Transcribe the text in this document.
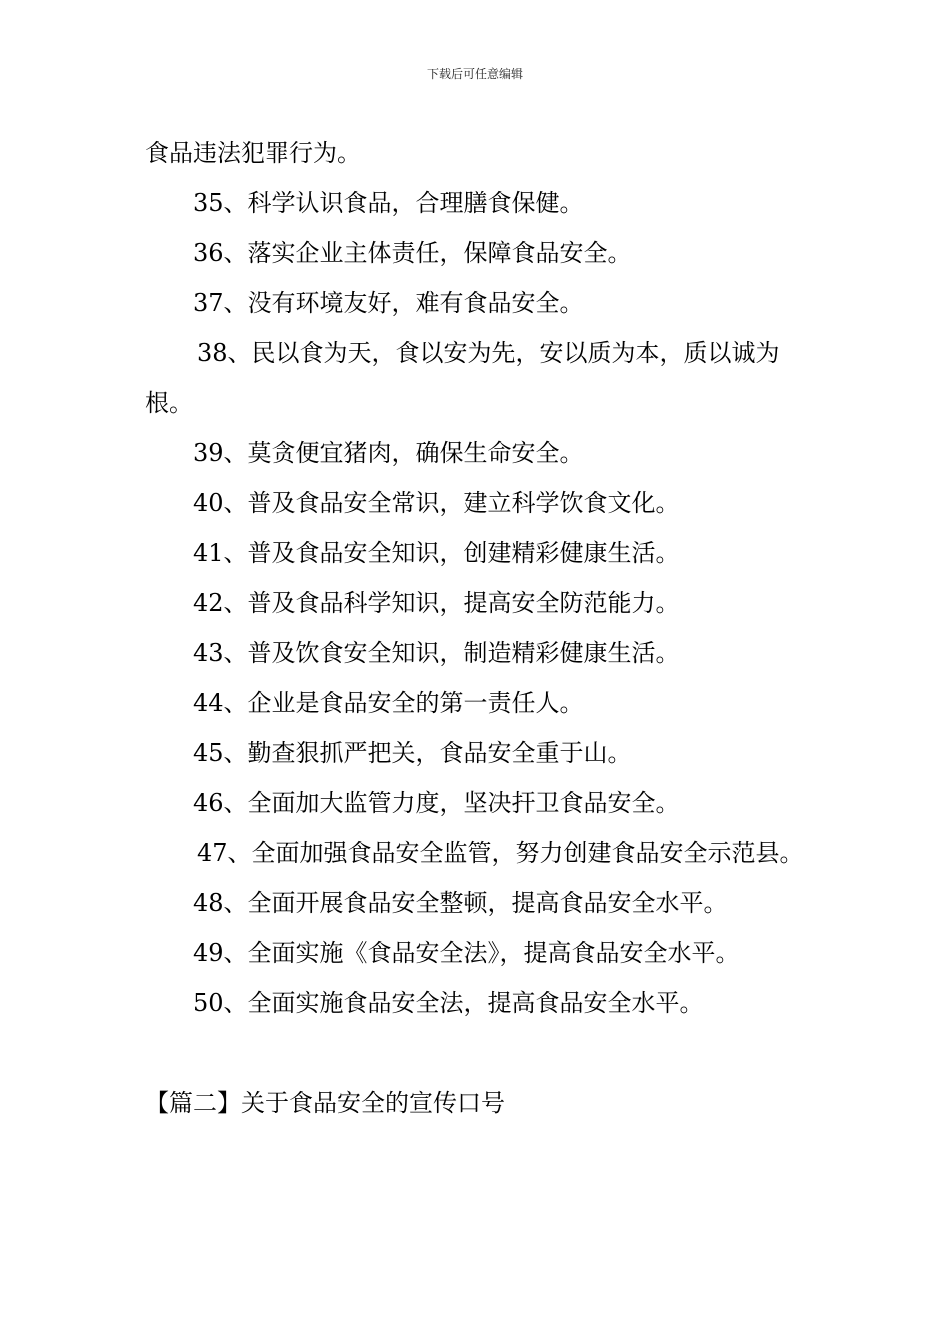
下载后可任意编辑

食品违法犯罪行为。

35、科学认识食品，合理膳食保健。

36、落实企业主体责任，保障食品安全。

37、没有环境友好，难有食品安全。

38、民以食为天，食以安为先，安以质为本，质以诚为根。

39、莫贪便宜猪肉，确保生命安全。

40、普及食品安全常识，建立科学饮食文化。

41、普及食品安全知识，创建精彩健康生活。

42、普及食品科学知识，提高安全防范能力。

43、普及饮食安全知识，制造精彩健康生活。

44、企业是食品安全的第一责任人。

45、勤查狠抓严把关，食品安全重于山。

46、全面加大监管力度，坚决扞卫食品安全。

47、全面加强食品安全监管，努力创建食品安全示范县。

48、全面开展食品安全整顿，提高食品安全水平。

49、全面实施《食品安全法》，提高食品安全水平。

50、全面实施食品安全法，提高食品安全水平。

【篇二】关于食品安全的宣传口号
